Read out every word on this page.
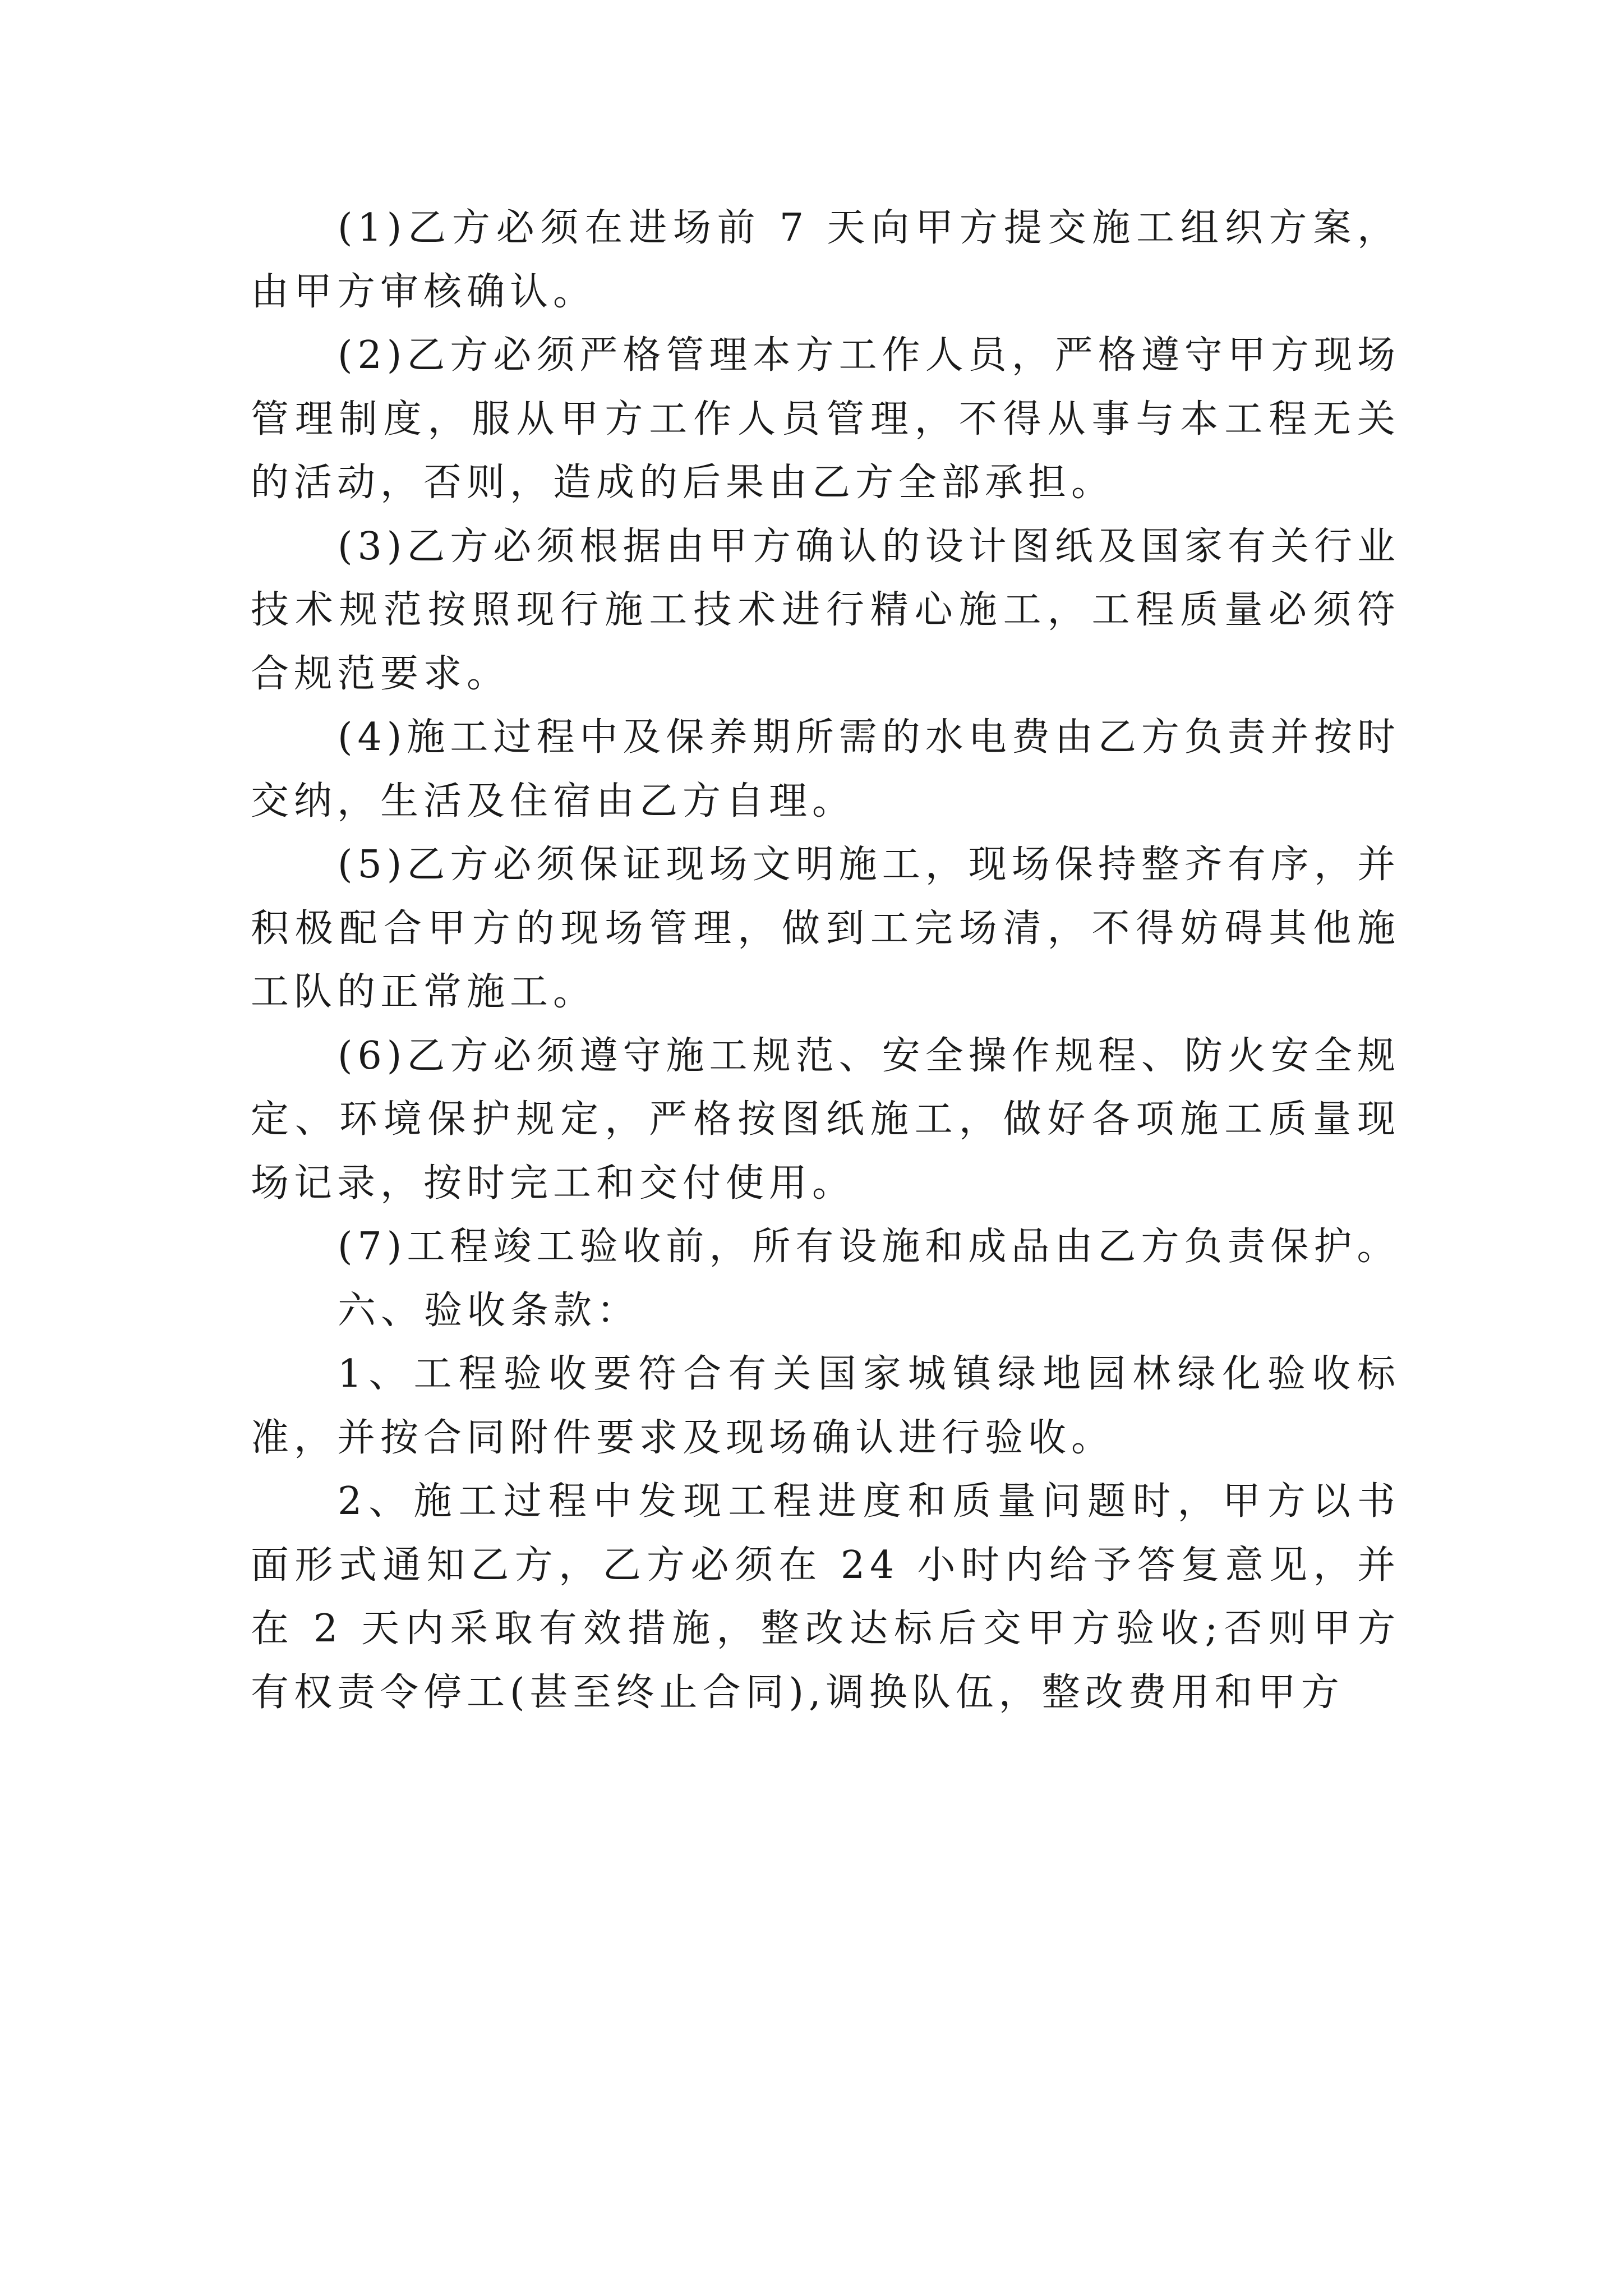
(1)乙方必须在进场前 7 天向甲方提交施工组织方案，由甲方审核确认。

(2)乙方必须严格管理本方工作人员，严格遵守甲方现场管理制度，服从甲方工作人员管理，不得从事与本工程无关的活动，否则，造成的后果由乙方全部承担。

(3)乙方必须根据由甲方确认的设计图纸及国家有关行业技术规范按照现行施工技术进行精心施工，工程质量必须符合规范要求。

(4)施工过程中及保养期所需的水电费由乙方负责并按时交纳，生活及住宿由乙方自理。

(5)乙方必须保证现场文明施工，现场保持整齐有序，并积极配合甲方的现场管理，做到工完场清，不得妨碍其他施工队的正常施工。

(6)乙方必须遵守施工规范、安全操作规程、防火安全规定、环境保护规定，严格按图纸施工，做好各项施工质量现场记录，按时完工和交付使用。

(7)工程竣工验收前，所有设施和成品由乙方负责保护。

六、验收条款：

1、工程验收要符合有关国家城镇绿地园林绿化验收标准，并按合同附件要求及现场确认进行验收。

2、施工过程中发现工程进度和质量问题时，甲方以书面形式通知乙方，乙方必须在 24 小时内给予答复意见，并在 2 天内采取有效措施，整改达标后交甲方验收;否则甲方有权责令停工(甚至终止合同),调换队伍，整改费用和甲方
